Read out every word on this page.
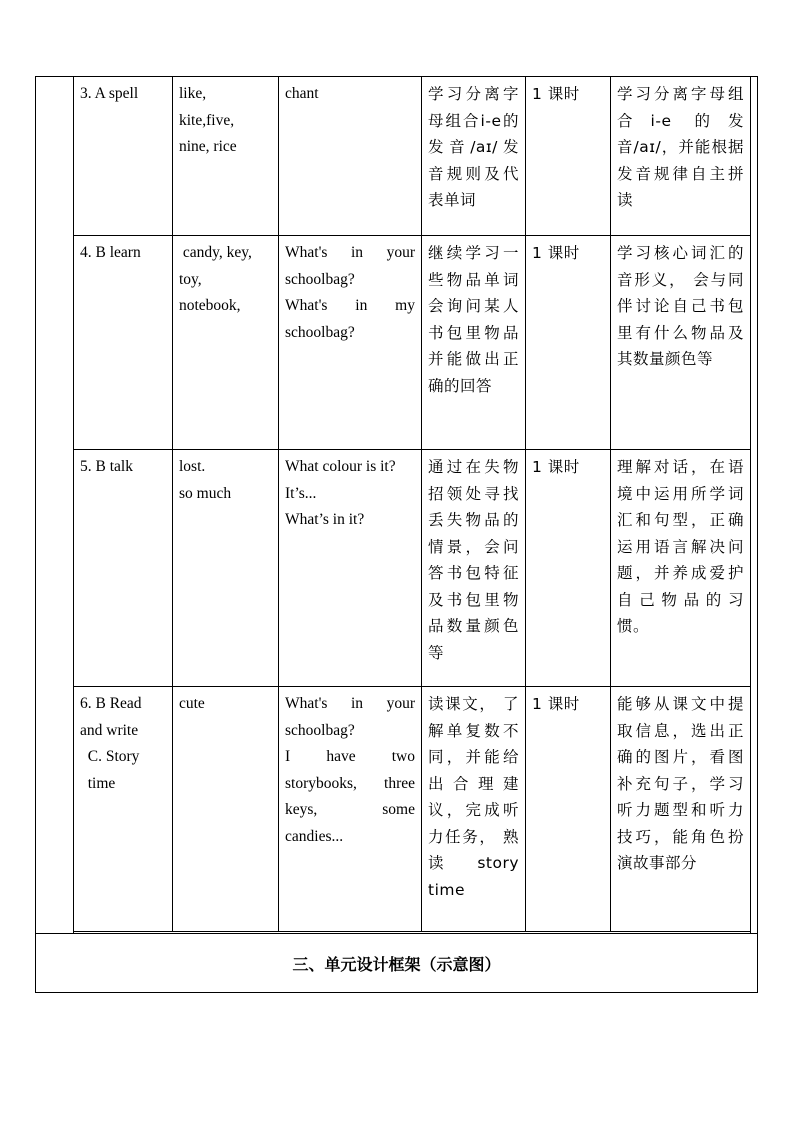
3. A spell	like,
kite,five,
nine, rice	chant	学习分离字母组合i-e的发音/aɪ/发音规则及代表单词	1 课时	学习分离字母组合i-e 的发音/aɪ/，并能根据发音规律自主拼读

4. B learn	candy, key,
toy,
notebook,	What's in your schoolbag?
What's in my schoolbag?	继续学习一些物品单词会询问某人书包里物品并能做出正确的回答	1 课时	学习核心词汇的音形义， 会与同伴讨论自己书包里有什么物品及其数量颜色等

5. B talk	lost.
so much	What colour is it?
It’s...
What’s in it?	通过在失物招领处寻找丢失物品的情景，会问答书包特征及书包里物品数量颜色等	1 课时	理解对话，在语境中运用所学词汇和句型，正确运用语言解决问题，并养成爱护自己物品的习惯。

6. B Read
and write
C. Story
time	cute	What's in your schoolbag?
I have two storybooks, three keys, some candies...	读课文， 了解单复数不同，并能给出合理建议，完成听力任务， 熟读 story time	1 课时	能够从课文中提取信息，选出正确的图片，看图补充句子，学习听力题型和听力技巧，能角色扮演故事部分
三、单元设计框架（示意图）
